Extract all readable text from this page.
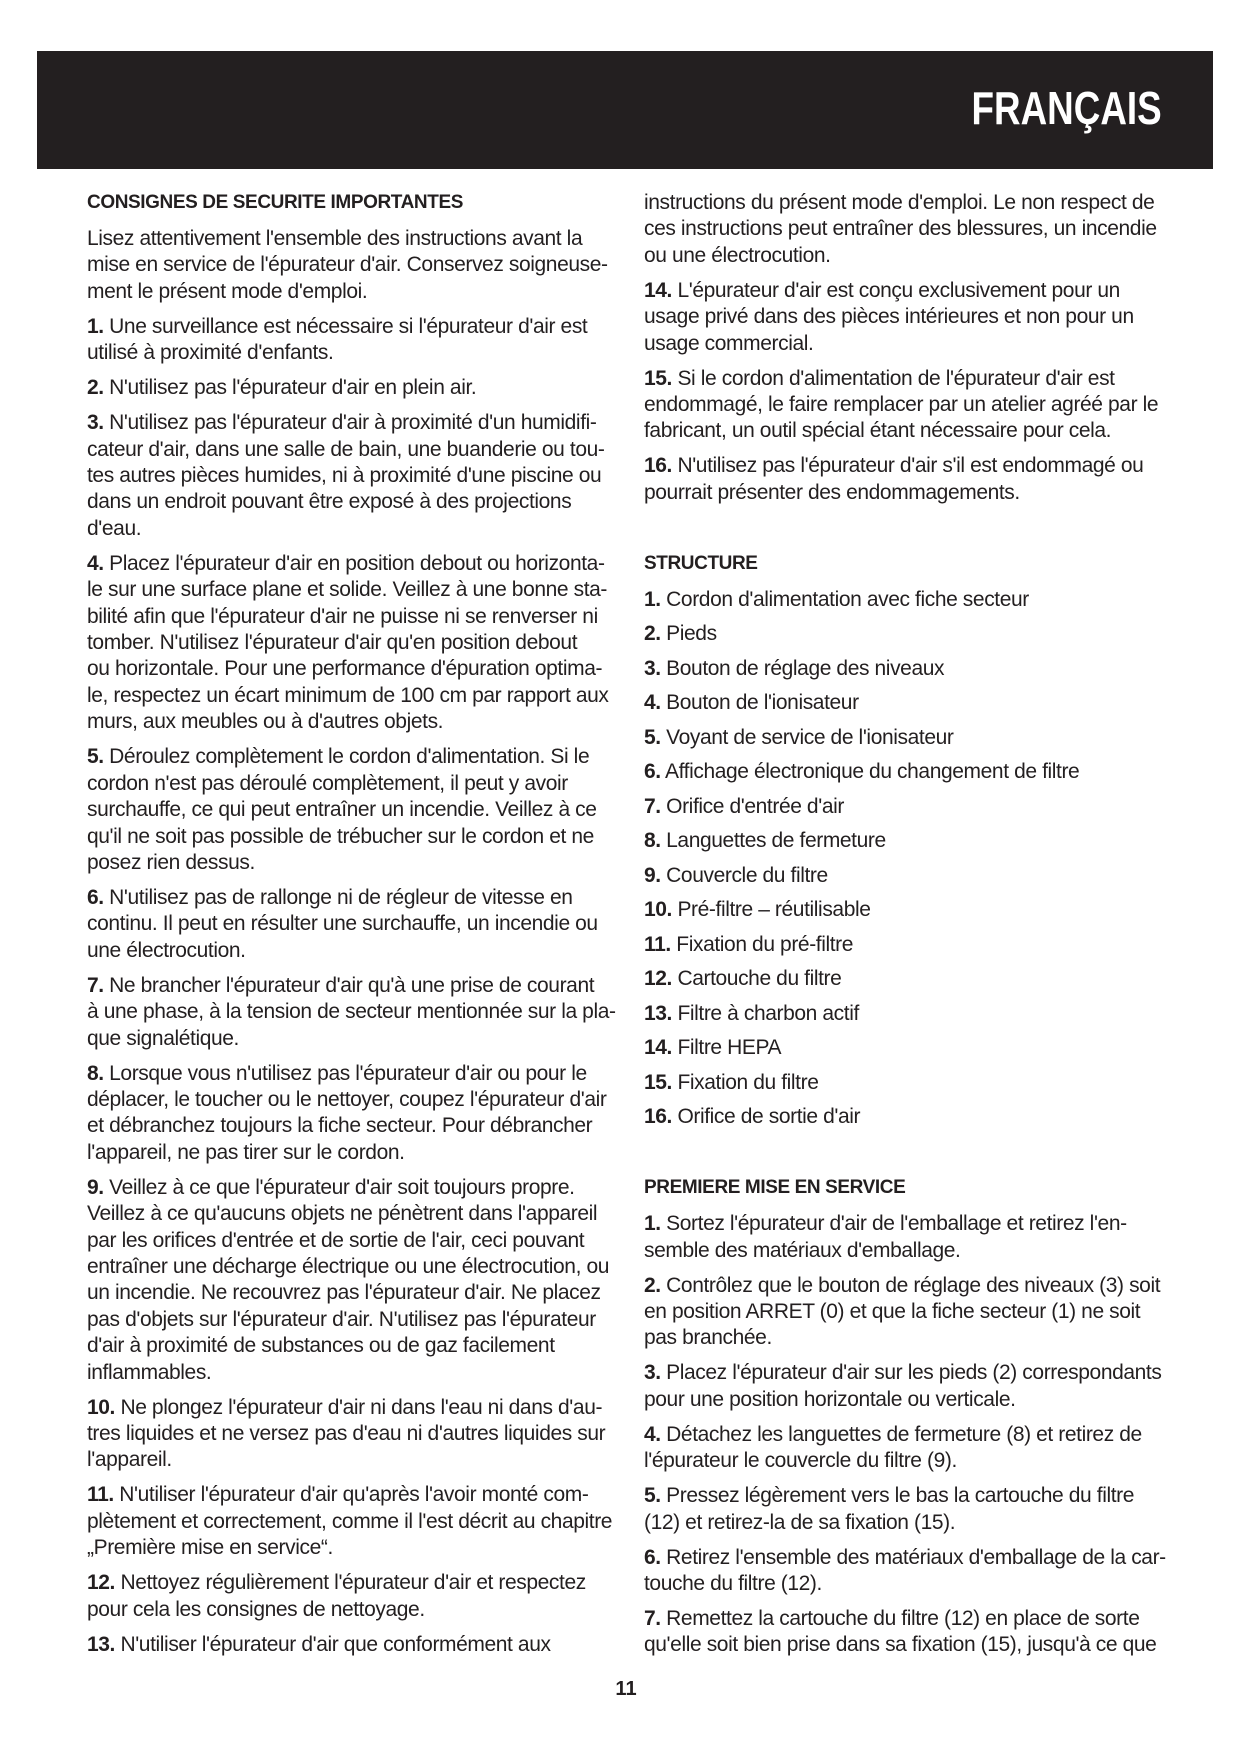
FRANÇAIS
CONSIGNES DE SECURITE IMPORTANTES

Lisez attentivement l'ensemble des instructions avant la
mise en service de l'épurateur d'air. Conservez soigneuse-
ment le présent mode d'emploi.

1. Une surveillance est nécessaire si l'épurateur d'air est
utilisé à proximité d'enfants.

2. N'utilisez pas l'épurateur d'air en plein air.

3. N'utilisez pas l'épurateur d'air à proximité d'un humidifi-
cateur d'air, dans une salle de bain, une buanderie ou tou-
tes autres pièces humides, ni à proximité d'une piscine ou
dans un endroit pouvant être exposé à des projections
d'eau.

4. Placez l'épurateur d'air en position debout ou horizonta-
le sur une surface plane et solide. Veillez à une bonne sta-
bilité afin que l'épurateur d'air ne puisse ni se renverser ni
tomber. N'utilisez l'épurateur d'air qu'en position debout
ou horizontale. Pour une performance d'épuration optima-
le, respectez un écart minimum de 100 cm par rapport aux
murs, aux meubles ou à d'autres objets.

5. Déroulez complètement le cordon d'alimentation. Si le
cordon n'est pas déroulé complètement, il peut y avoir
surchauffe, ce qui peut entraîner un incendie. Veillez à ce
qu'il ne soit pas possible de trébucher sur le cordon et ne
posez rien dessus.

6. N'utilisez pas de rallonge ni de régleur de vitesse en
continu. Il peut en résulter une surchauffe, un incendie ou
une électrocution.

7. Ne brancher l'épurateur d'air qu'à une prise de courant
à une phase, à la tension de secteur mentionnée sur la pla-
que signalétique.

8. Lorsque vous n'utilisez pas l'épurateur d'air ou pour le
déplacer, le toucher ou le nettoyer, coupez l'épurateur d'air
et débranchez toujours la fiche secteur. Pour débrancher
l'appareil, ne pas tirer sur le cordon.

9. Veillez à ce que l'épurateur d'air soit toujours propre.
Veillez à ce qu'aucuns objets ne pénètrent dans l'appareil
par les orifices d'entrée et de sortie de l'air, ceci pouvant
entraîner une décharge électrique ou une électrocution, ou
un incendie. Ne recouvrez pas l'épurateur d'air. Ne placez
pas d'objets sur l'épurateur d'air. N'utilisez pas l'épurateur
d'air à proximité de substances ou de gaz facilement
inflammables.

10. Ne plongez l'épurateur d'air ni dans l'eau ni dans d'au-
tres liquides et ne versez pas d'eau ni d'autres liquides sur
l'appareil.

11. N'utiliser l'épurateur d'air qu'après l'avoir monté com-
plètement et correctement, comme il l'est décrit au chapitre
„Première mise en service“.

12. Nettoyez régulièrement l'épurateur d'air et respectez
pour cela les consignes de nettoyage.

13. N'utiliser l'épurateur d'air que conformément aux

instructions du présent mode d'emploi. Le non respect de
ces instructions peut entraîner des blessures, un incendie
ou une électrocution.

14. L'épurateur d'air est conçu exclusivement pour un
usage privé dans des pièces intérieures et non pour un
usage commercial.

15. Si le cordon d'alimentation de l'épurateur d'air est
endommagé, le faire remplacer par un atelier agréé par le
fabricant, un outil spécial étant nécessaire pour cela.

16. N'utilisez pas l'épurateur d'air s'il est endommagé ou
pourrait présenter des endommagements.

STRUCTURE

1. Cordon d'alimentation avec fiche secteur

2. Pieds

3. Bouton de réglage des niveaux

4. Bouton de l'ionisateur

5. Voyant de service de l'ionisateur

6. Affichage électronique du changement de filtre

7. Orifice d'entrée d'air

8. Languettes de fermeture

9. Couvercle du filtre

10. Pré-filtre – réutilisable

11. Fixation du pré-filtre

12. Cartouche du filtre

13. Filtre à charbon actif

14. Filtre HEPA

15. Fixation du filtre

16. Orifice de sortie d'air

PREMIERE MISE EN SERVICE

1. Sortez l'épurateur d'air de l'emballage et retirez l'en-
semble des matériaux d'emballage.

2. Contrôlez que le bouton de réglage des niveaux (3) soit
en position ARRET (0) et que la fiche secteur (1) ne soit
pas branchée.

3. Placez l'épurateur d'air sur les pieds (2) correspondants
pour une position horizontale ou verticale.

4. Détachez les languettes de fermeture (8) et retirez de
l'épurateur le couvercle du filtre (9).

5. Pressez légèrement vers le bas la cartouche du filtre
(12) et retirez-la de sa fixation (15).

6. Retirez l'ensemble des matériaux d'emballage de la car-
touche du filtre (12).

7. Remettez la cartouche du filtre (12) en place de sorte
qu'elle soit bien prise dans sa fixation (15), jusqu'à ce que

11
